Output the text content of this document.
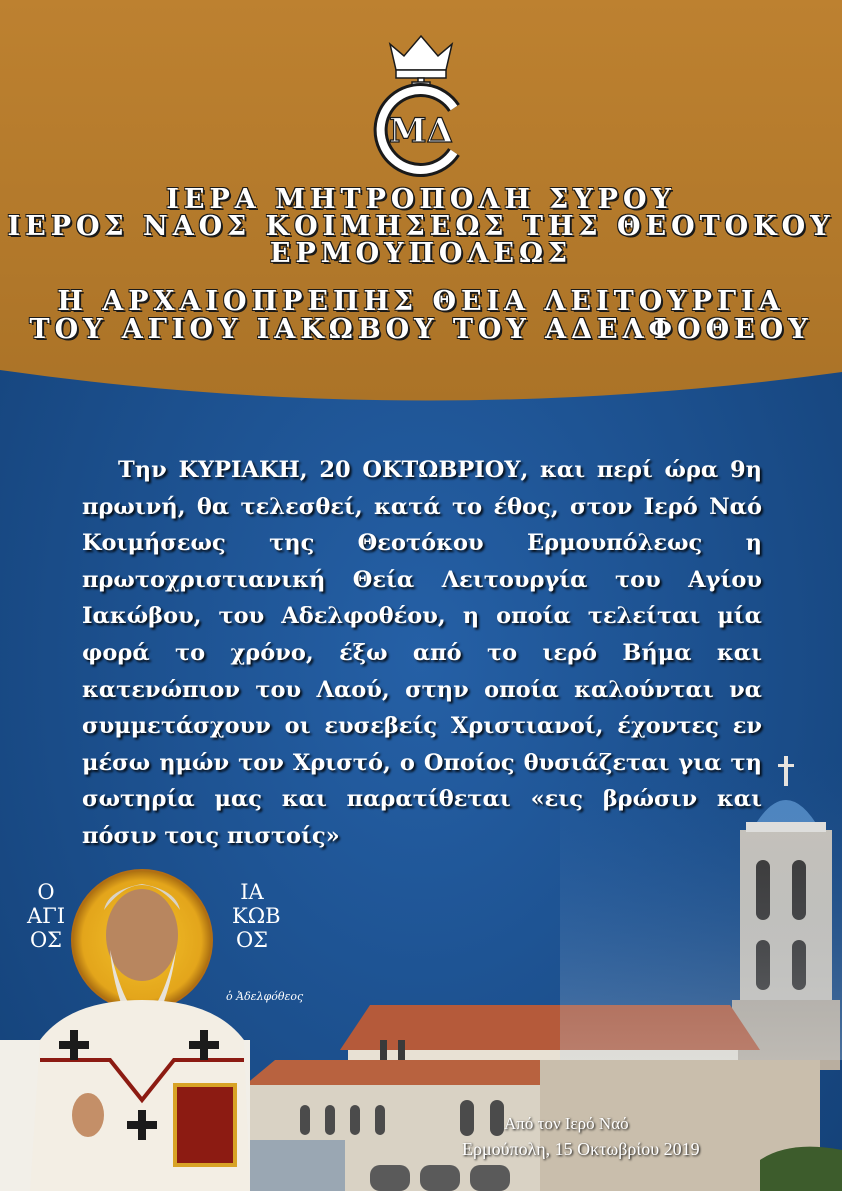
ΜΔ
ΙΕΡΑ ΜΗΤΡΟΠΟΛΗ ΣΥΡΟΥ
ΙΕΡΟΣ ΝΑΟΣ ΚΟΙΜΗΣΕΩΣ ΤΗΣ ΘΕΟΤΟΚΟΥ
ΕΡΜΟΥΠΟΛΕΩΣ
Η ΑΡΧΑΙΟΠΡΕΠΗΣ ΘΕΙΑ ΛΕΙΤΟΥΡΓΙΑ
ΤΟΥ ΑΓΙΟΥ ΙΑΚΩΒΟΥ ΤΟΥ ΑΔΕΛΦΟΘΕΟΥ
Την ΚΥΡΙΑΚΗ, 20 ΟΚΤΩΒΡΙΟΥ, και περί ώρα 9η πρωινή, θα τελεσθεί, κατά το έθος, στον Ιερό Ναό Κοιμήσεως της Θεοτόκου Ερμουπόλεως η πρωτοχριστιανική Θεία Λειτουργία του Αγίου Ιακώβου, του Αδελφοθέου, η οποία τελείται μία φορά το χρόνο, έξω από το ιερό Βήμα και κατενώπιον του Λαού, στην οποία καλούνται να συμμετάσχουν οι ευσεβείς Χριστιανοί, έχοντες εν μέσω ημών τον Χριστό, ο Οποίος θυσιάζεται για τη σωτηρία μας και παρατίθεται «εις βρώσιν και πόσιν τοις πιστοίς»
Ο ΑΓΙ ΟΣ
ΙΑ ΚΩΒ ΟΣ
ὁ Ἀδελφόθεος
Από τον Ιερό Ναό
Ερμούπολη, 15 Οκτωβρίου 2019
